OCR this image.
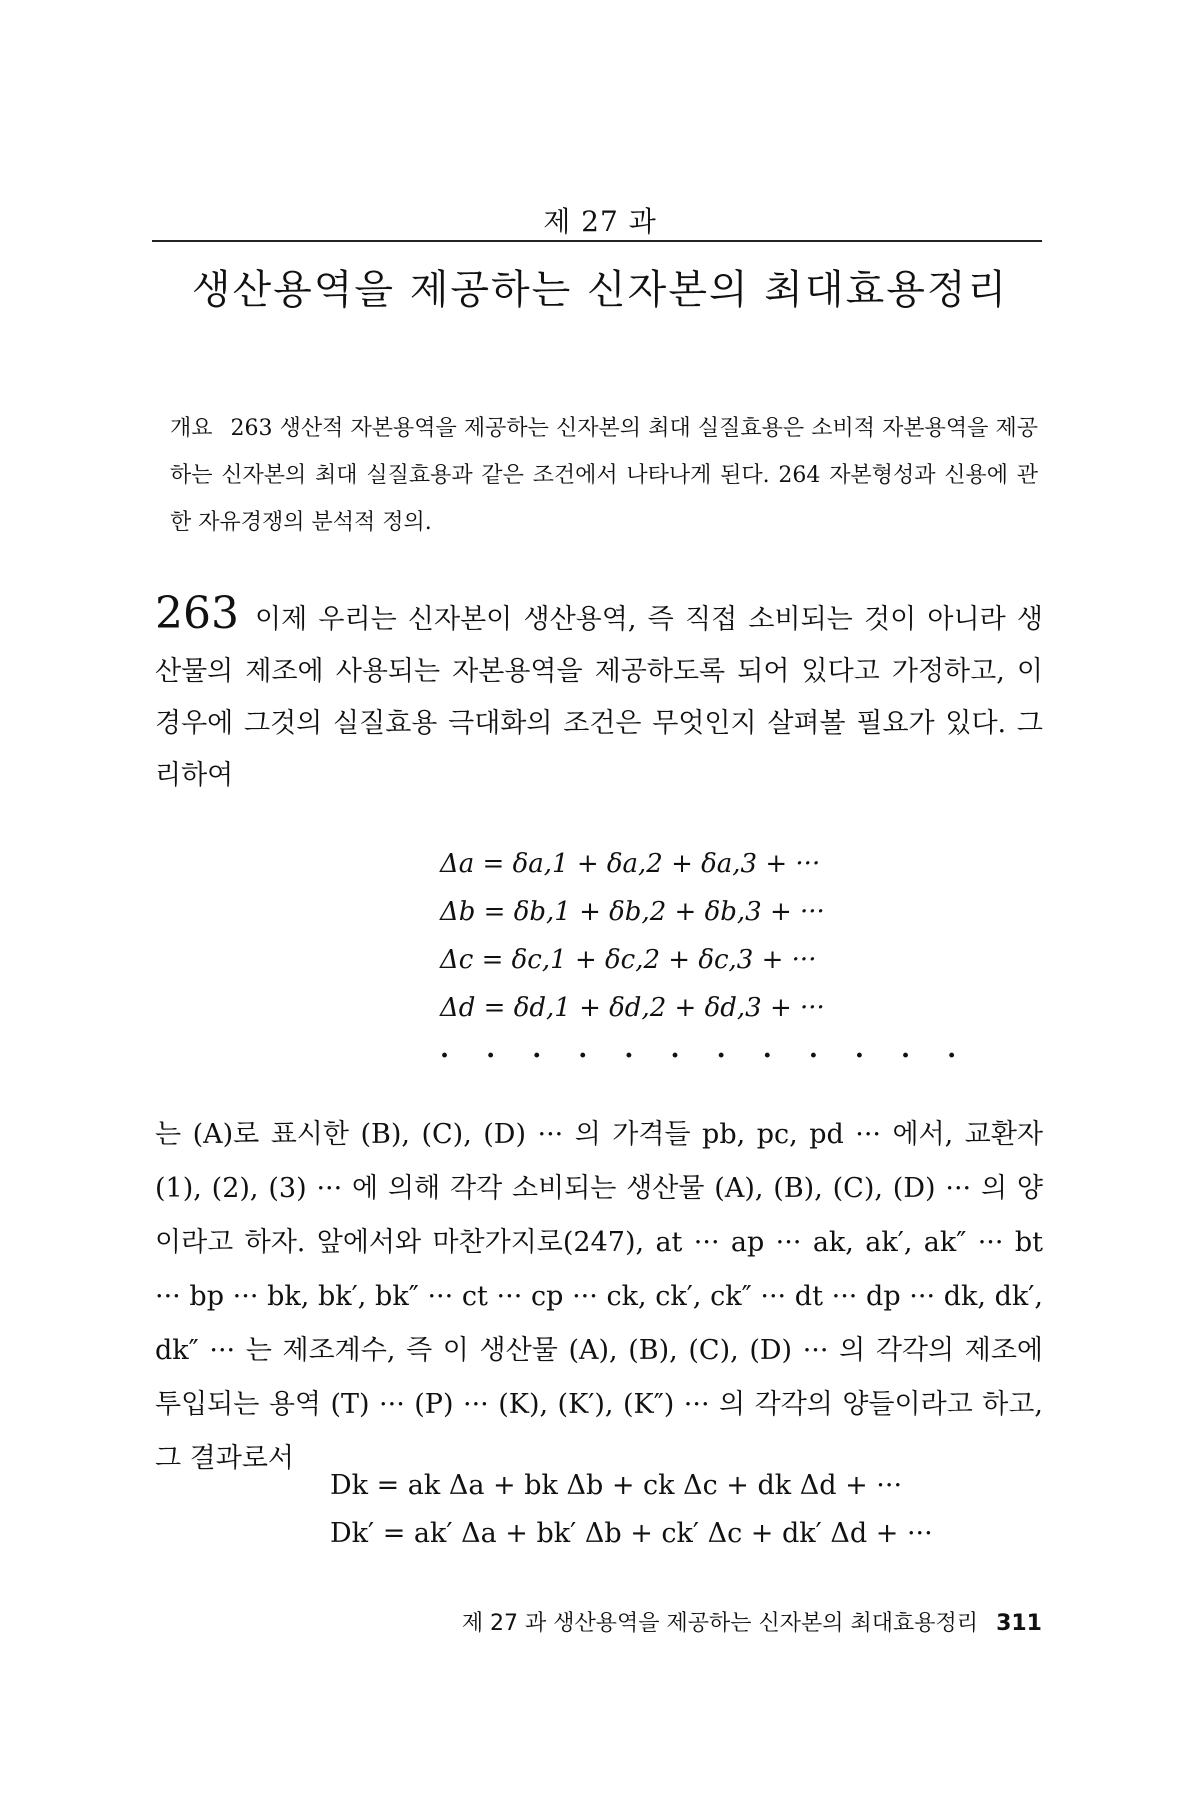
제 27 과
생산용역을 제공하는 신자본의 최대효용정리
개요 263 생산적 자본용역을 제공하는 신자본의 최대 실질효용은 소비적 자본용역을 제공하는 신자본의 최대 실질효용과 같은 조건에서 나타나게 된다. 264 자본형성과 신용에 관한 자유경쟁의 분석적 정의.
263 이제 우리는 신자본이 생산용역, 즉 직접 소비되는 것이 아니라 생산물의 제조에 사용되는 자본용역을 제공하도록 되어 있다고 가정하고, 이 경우에 그것의 실질효용 극대화의 조건은 무엇인지 살펴볼 필요가 있다. 그리하여
Δa = δa,1 + δa,2 + δa,3 + ···
Δb = δb,1 + δb,2 + δb,3 + ···
Δc = δc,1 + δc,2 + δc,3 + ···
Δd = δd,1 + δd,2 + δd,3 + ···
· · · · · · · · · · · ·
는 (A)로 표시한 (B), (C), (D) ··· 의 가격들 pb, pc, pd ··· 에서, 교환자 (1), (2), (3) ··· 에 의해 각각 소비되는 생산물 (A), (B), (C), (D) ··· 의 양이라고 하자. 앞에서와 마찬가지로(247), at ··· ap ··· ak, ak′, ak″ ··· bt ··· bp ··· bk, bk′, bk″ ··· ct ··· cp ··· ck, ck′, ck″ ··· dt ··· dp ··· dk, dk′, dk″ ··· 는 제조계수, 즉 이 생산물 (A), (B), (C), (D) ··· 의 각각의 제조에 투입되는 용역 (T) ··· (P) ··· (K), (K′), (K″) ··· 의 각각의 양들이라고 하고, 그 결과로서
Dk = ak Δa + bk Δb + ck Δc + dk Δd + ···
Dk′ = ak′ Δa + bk′ Δb + ck′ Δc + dk′ Δd + ···
제 27 과 생산용역을 제공하는 신자본의 최대효용정리 311
